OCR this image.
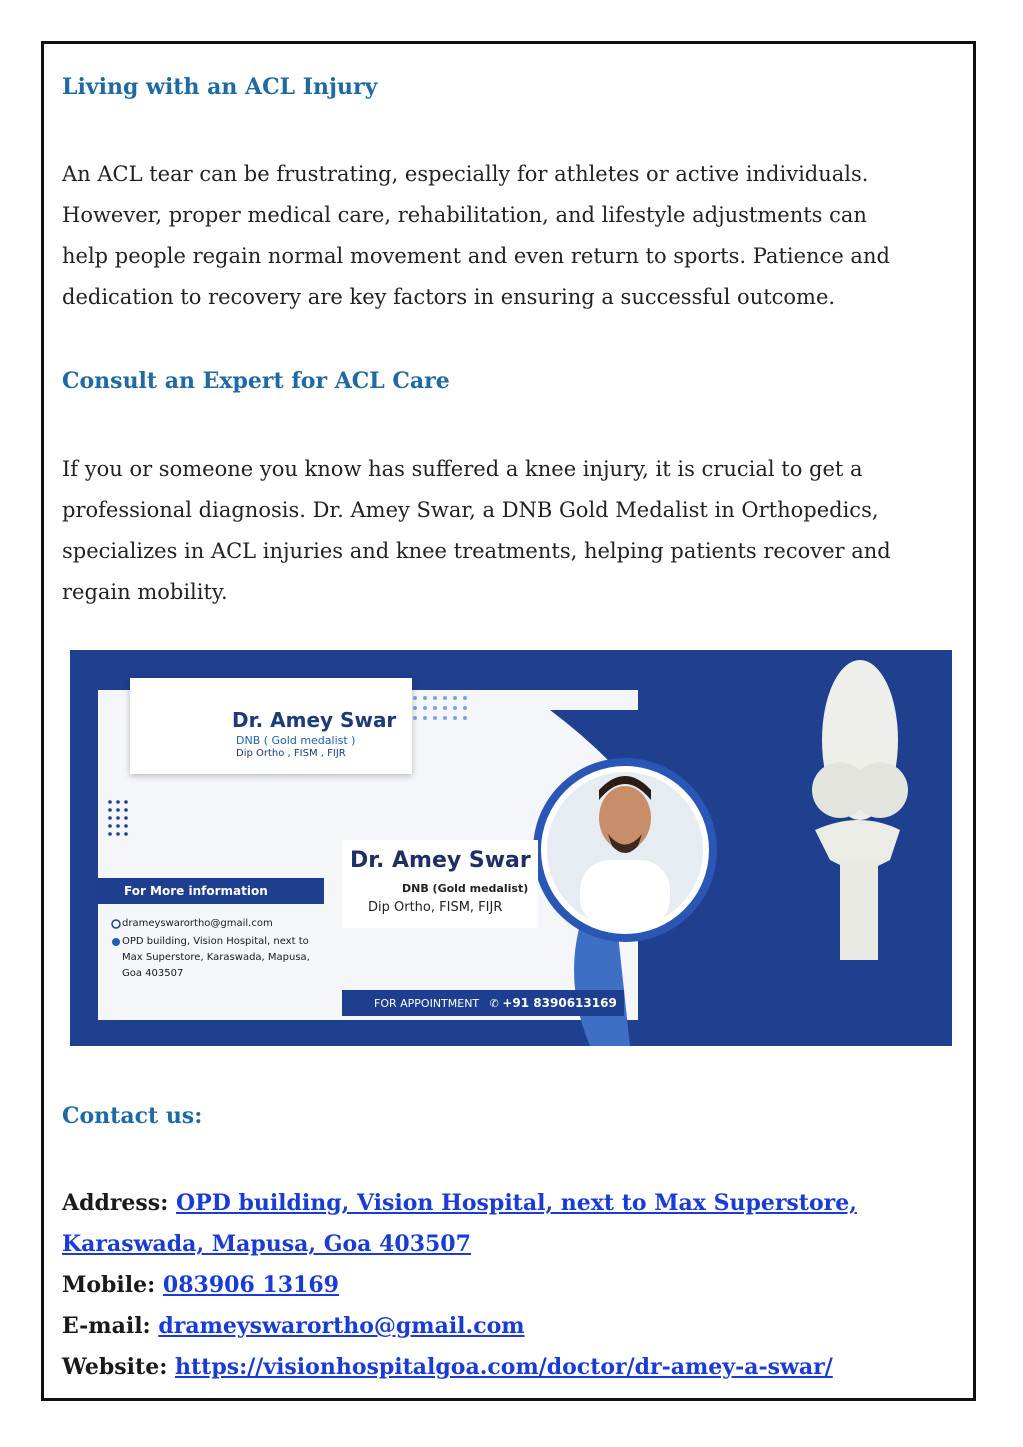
Living with an ACL Injury
An ACL tear can be frustrating, especially for athletes or active individuals.
However, proper medical care, rehabilitation, and lifestyle adjustments can
help people regain normal movement and even return to sports. Patience and
dedication to recovery are key factors in ensuring a successful outcome.
Consult an Expert for ACL Care
If you or someone you know has suffered a knee injury, it is crucial to get a
professional diagnosis. Dr. Amey Swar, a DNB Gold Medalist in Orthopedics,
specializes in ACL injuries and knee treatments, helping patients recover and
regain mobility.
Dr. Amey Swar
DNB ( Gold medalist )
Dip Ortho , FISM , FIJR
For More information
drameyswarortho@gmail.com
OPD building, Vision Hospital, next to
Max Superstore, Karaswada, Mapusa,
Goa 403507
Dr. Amey Swar
DNB (Gold medalist)
Dip Ortho, FISM, FIJR
FOR APPOINTMENT ✆ +91 8390613169
Contact us:
Address: OPD building, Vision Hospital, next to Max Superstore,
Karaswada, Mapusa, Goa 403507
Mobile: 083906 13169
E-mail: drameyswarortho@gmail.com
Website: https://visionhospitalgoa.com/doctor/dr-amey-a-swar/
